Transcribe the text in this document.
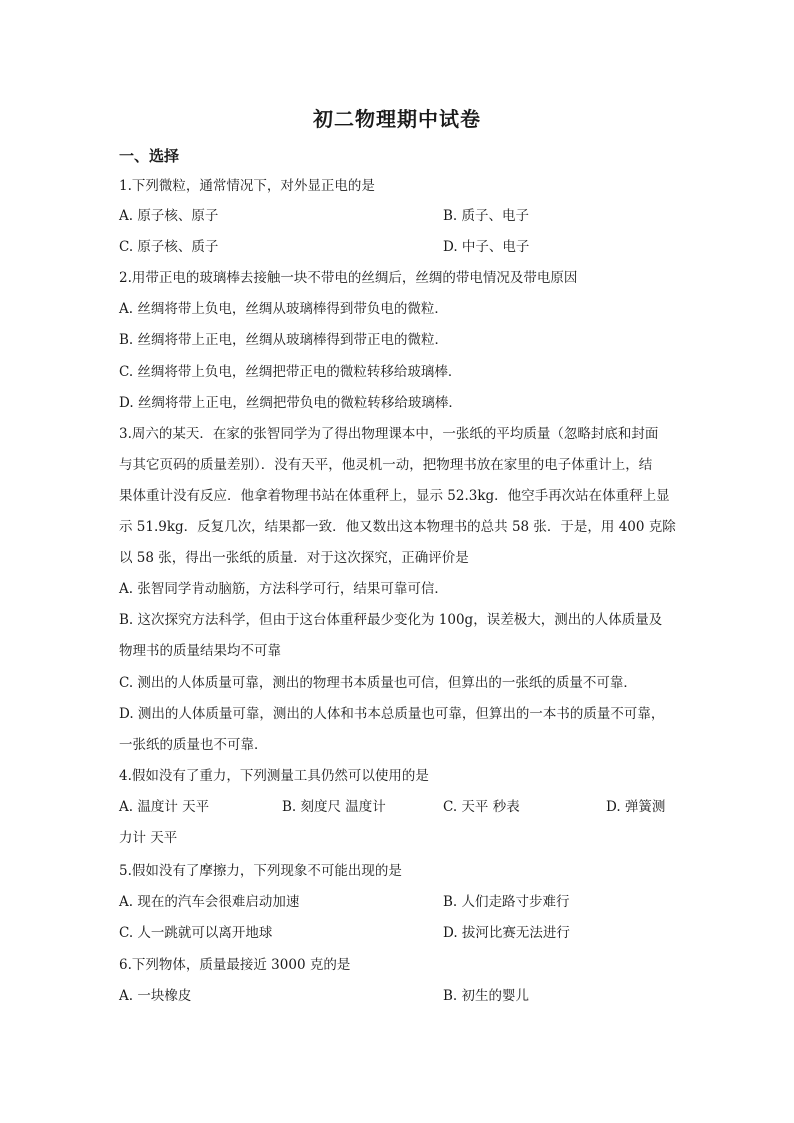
初二物理期中试卷
一、选择
1.下列微粒，通常情况下，对外显正电的是
A. 原子核、原子	B. 质子、电子
C. 原子核、质子	D. 中子、电子
2.用带正电的玻璃棒去接触一块不带电的丝绸后，丝绸的带电情况及带电原因
A. 丝绸将带上负电，丝绸从玻璃棒得到带负电的微粒．
B. 丝绸将带上正电，丝绸从玻璃棒得到带正电的微粒．
C. 丝绸将带上负电，丝绸把带正电的微粒转移给玻璃棒．
D. 丝绸将带上正电，丝绸把带负电的微粒转移给玻璃棒．
3.周六的某天．在家的张智同学为了得出物理课本中，一张纸的平均质量（忽略封底和封面
与其它页码的质量差别）．没有天平，他灵机一动，把物理书放在家里的电子体重计上，结
果体重计没有反应．他拿着物理书站在体重秤上，显示 52.3kg．他空手再次站在体重秤上显
示 51.9kg．反复几次，结果都一致．他又数出这本物理书的总共 58 张．于是，用 400 克除
以 58 张，得出一张纸的质量．对于这次探究，正确评价是
A. 张智同学肯动脑筋，方法科学可行，结果可靠可信．
B. 这次探究方法科学，但由于这台体重秤最少变化为 100g，误差极大，测出的人体质量及
物理书的质量结果均不可靠
C. 测出的人体质量可靠，测出的物理书本质量也可信，但算出的一张纸的质量不可靠．
D. 测出的人体质量可靠，测出的人体和书本总质量也可靠，但算出的一本书的质量不可靠，
一张纸的质量也不可靠．
4.假如没有了重力，下列测量工具仍然可以使用的是
A. 温度计 天平	B. 刻度尺 温度计	C. 天平 秒表	D. 弹簧测
力计 天平
5.假如没有了摩擦力，下列现象不可能出现的是
A. 现在的汽车会很难启动加速	B. 人们走路寸步难行
C. 人一跳就可以离开地球	D. 拔河比赛无法进行
6.下列物体，质量最接近 3000 克的是
A. 一块橡皮	B. 初生的婴儿
